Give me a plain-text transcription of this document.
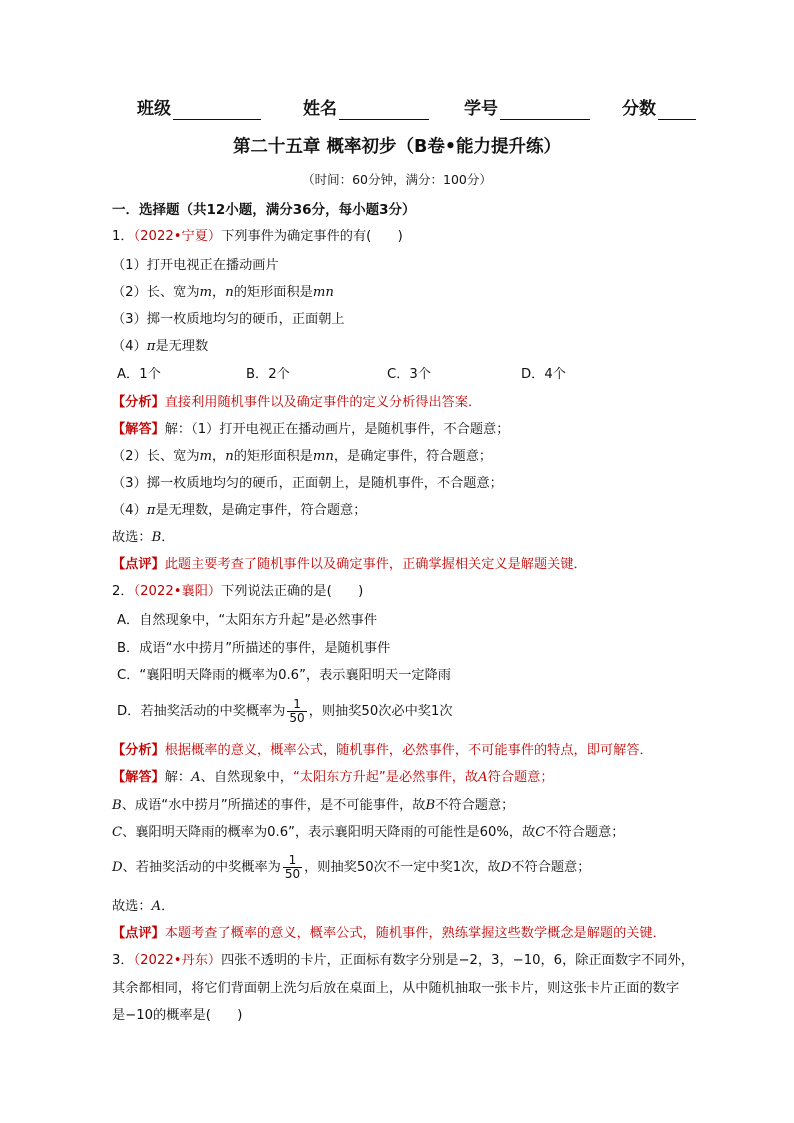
班级	姓名	学号	分数
第二十五章 概率初步（B卷•能力提升练）
（时间：60分钟，满分：100分）
一．选择题（共12小题，满分36分，每小题3分）
1．（2022•宁夏）下列事件为确定事件的有(　　)
（1）打开电视正在播动画片
（2）长、宽为m，n的矩形面积是mn
（3）掷一枚质地均匀的硬币，正面朝上
（4）π是无理数
A．1个	B．2个	C．3个	D．4个
【分析】直接利用随机事件以及确定事件的定义分析得出答案．
【解答】解：（1）打开电视正在播动画片，是随机事件，不合题意；
（2）长、宽为m，n的矩形面积是mn，是确定事件，符合题意；
（3）掷一枚质地均匀的硬币，正面朝上，是随机事件，不合题意；
（4）π是无理数，是确定事件，符合题意；
故选：B．
【点评】此题主要考查了随机事件以及确定事件，正确掌握相关定义是解题关键．
2．（2022•襄阳）下列说法正确的是(　　)
A．自然现象中，“太阳东方升起”是必然事件
B．成语“水中捞月”所描述的事件，是随机事件
C．“襄阳明天降雨的概率为0.6”，表示襄阳明天一定降雨
D．若抽奖活动的中奖概率为 $\frac{1}{50}$ ，则抽奖50次必中奖1次
【分析】根据概率的意义，概率公式，随机事件，必然事件，不可能事件的特点，即可解答．
【解答】解：A、自然现象中，“太阳东方升起”是必然事件，故A符合题意；
B、成语“水中捞月”所描述的事件，是不可能事件，故B不符合题意；
C、襄阳明天降雨的概率为0.6”，表示襄阳明天降雨的可能性是60%，故C不符合题意；
D、若抽奖活动的中奖概率为 $\frac{1}{50}$ ，则抽奖50次不一定中奖1次，故D不符合题意；
故选：A．
【点评】本题考查了概率的意义，概率公式，随机事件，熟练掌握这些数学概念是解题的关键．
3．（2022•丹东）四张不透明的卡片，正面标有数字分别是−2，3，−10，6，除正面数字不同外，
其余都相同，将它们背面朝上洗匀后放在桌面上，从中随机抽取一张卡片，则这张卡片正面的数字
是−10的概率是(　　)
